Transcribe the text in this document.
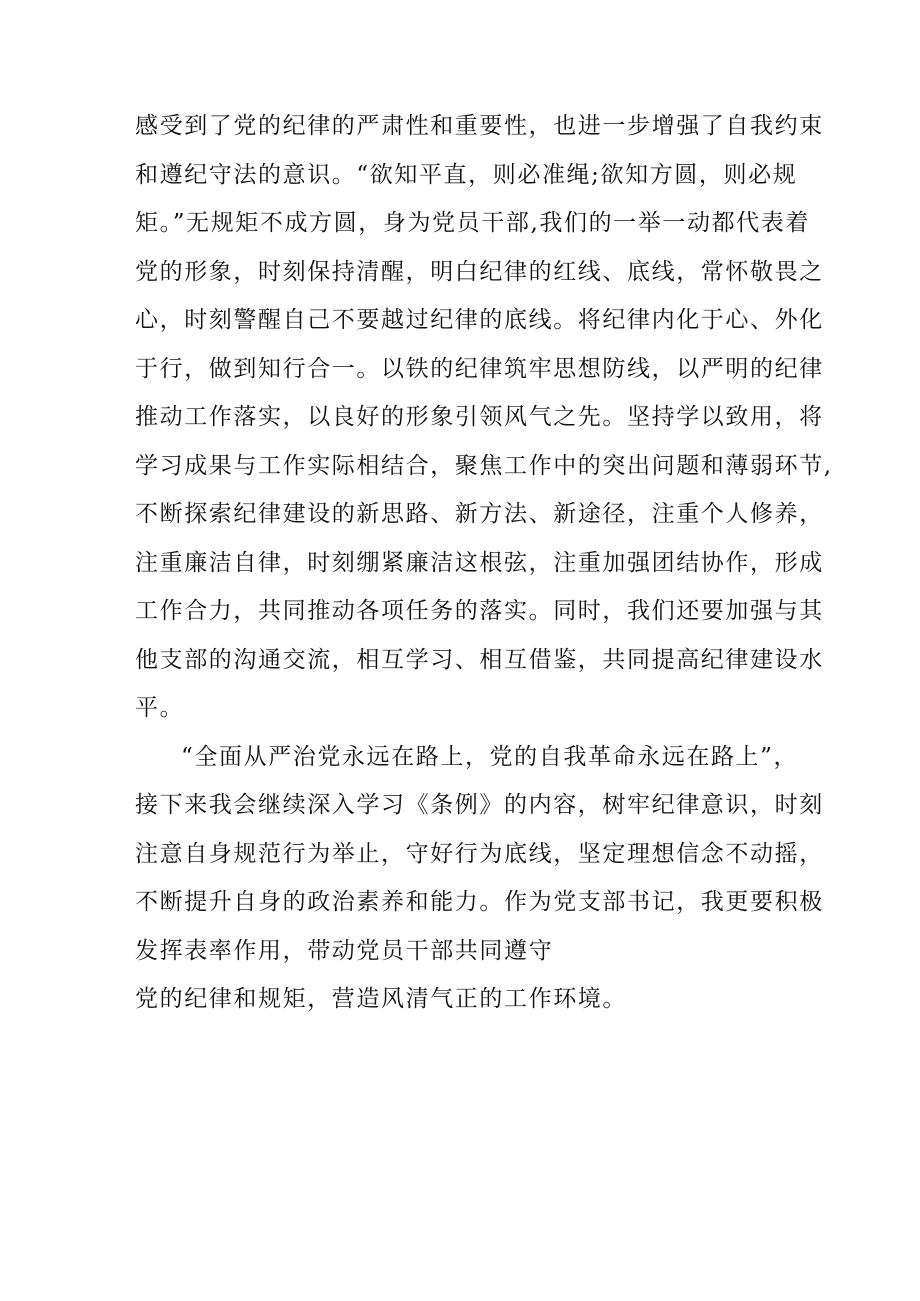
感受到了党的纪律的严肃性和重要性，也进一步增强了自我约束
和遵纪守法的意识。“欲知平直，则必准绳;欲知方圆，则必规
矩。”无规矩不成方圆，身为党员干部,我们的一举一动都代表着
党的形象，时刻保持清醒，明白纪律的红线、底线，常怀敬畏之
心，时刻警醒自己不要越过纪律的底线。将纪律内化于心、外化
于行，做到知行合一。以铁的纪律筑牢思想防线，以严明的纪律
推动工作落实，以良好的形象引领风气之先。坚持学以致用，将
学习成果与工作实际相结合，聚焦工作中的突出问题和薄弱环节,
不断探索纪律建设的新思路、新方法、新途径，注重个人修养，
注重廉洁自律，时刻绷紧廉洁这根弦，注重加强团结协作，形成
工作合力，共同推动各项任务的落实。同时，我们还要加强与其
他支部的沟通交流，相互学习、相互借鉴，共同提高纪律建设水
平。
“全面从严治党永远在路上，党的自我革命永远在路上”，
接下来我会继续深入学习《条例》的内容，树牢纪律意识，时刻
注意自身规范行为举止，守好行为底线，坚定理想信念不动摇，
不断提升自身的政治素养和能力。作为党支部书记，我更要积极
发挥表率作用，带动党员干部共同遵守
党的纪律和规矩，营造风清气正的工作环境。
